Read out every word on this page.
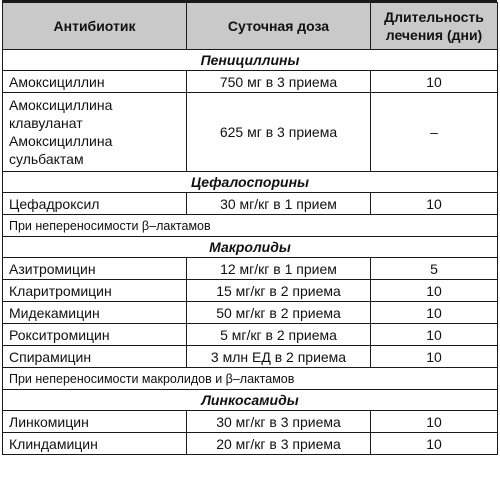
Антибиотик	Суточная доза	Длительность лечения (дни)
Пенициллины		
Амоксициллин	750 мг в 3 приема	10
Амоксициллина клавуланат Амоксициллина сульбактам	625 мг в 3 приема	–
Цефалоспорины		
Цефадроксил	30 мг/кг в 1 прием	10
При непереносимости β–лактамов		
Макролиды		
Азитромицин	12 мг/кг в 1 прием	5
Кларитромицин	15 мг/кг в 2 приема	10
Мидекамицин	50 мг/кг в 2 приема	10
Рокситромицин	5 мг/кг в 2 приема	10
Спирамицин	3 млн ЕД в 2 приема	10
При непереносимости макролидов и β–лактамов		
Линкосамиды		
Линкомицин	30 мг/кг в 3 приема	10
Клиндамицин	20 мг/кг в 3 приема	10
